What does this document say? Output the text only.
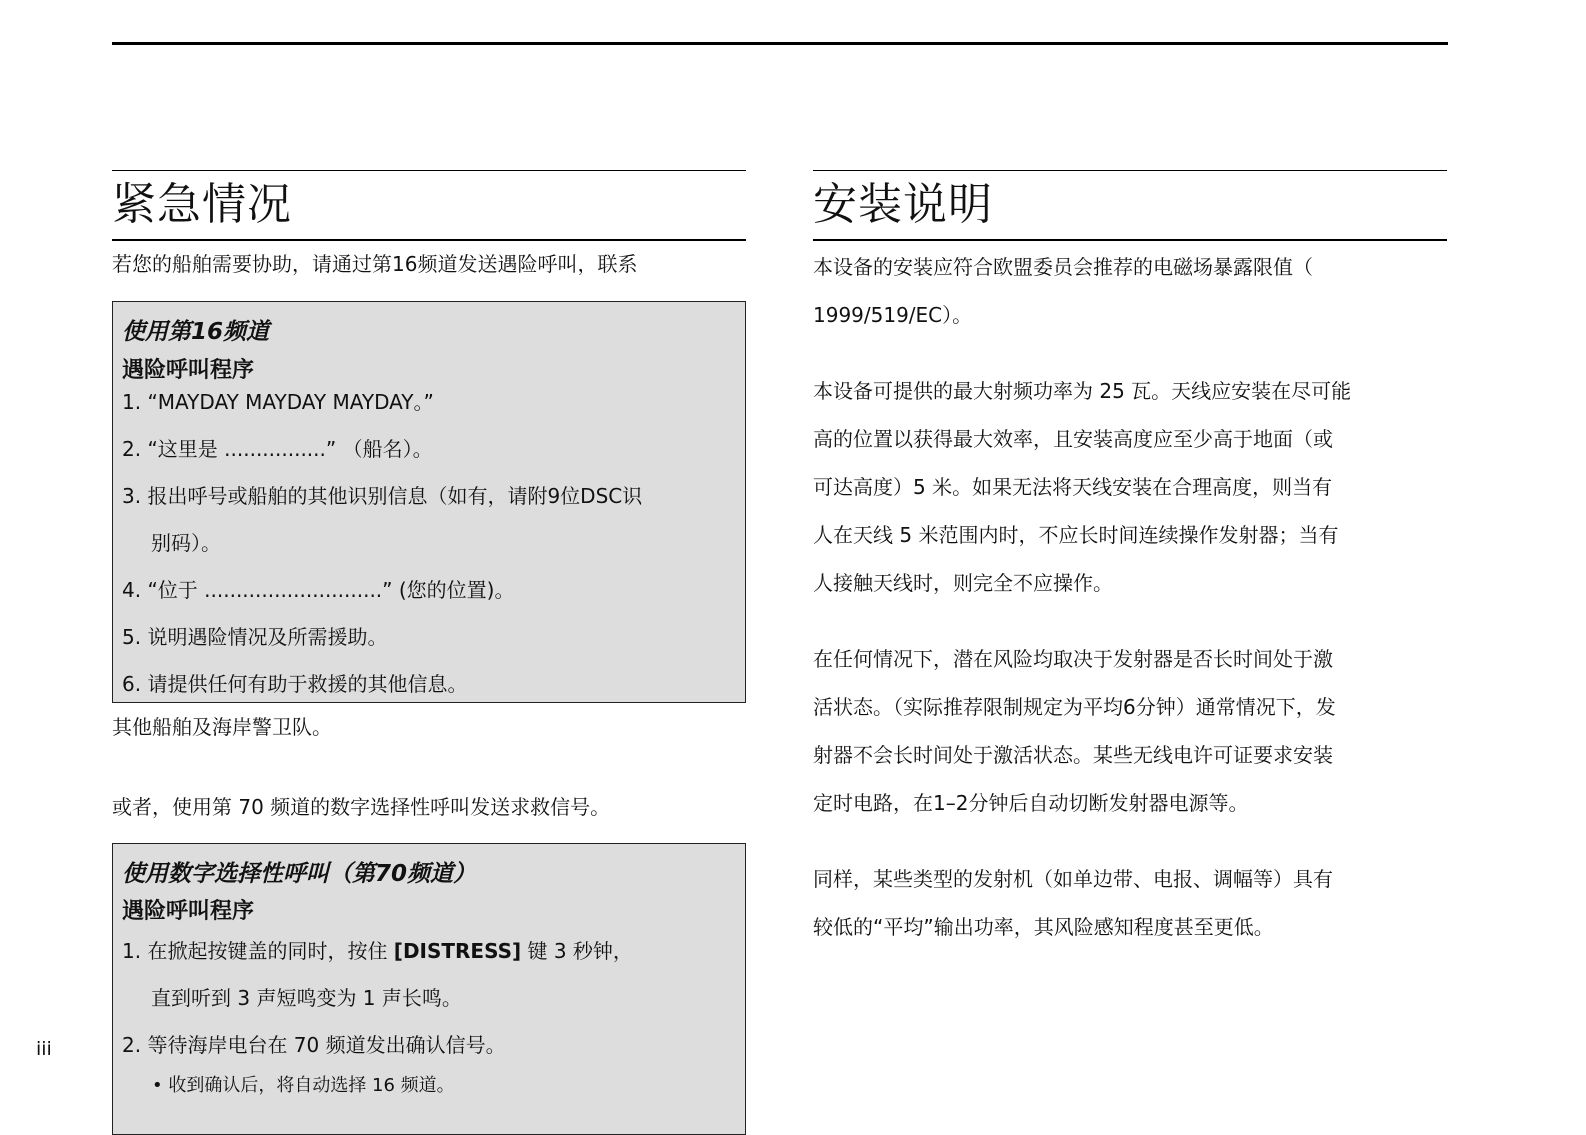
紧急情况

若您的船舶需要协助，请通过第16频道发送遇险呼叫，联系

使用第16频道

遇险呼叫程序

1. “MAYDAY MAYDAY MAYDAY。”

2. “这里是 ................” （船名）。

3. 报出呼号或船舶的其他识别信息（如有，请附9位DSC识

别码）。

4. “位于 ............................” (您的位置)。

5. 说明遇险情况及所需援助。

6. 请提供任何有助于救援的其他信息。

其他船舶及海岸警卫队。

或者，使用第 70 频道的数字选择性呼叫发送求救信号。

使用数字选择性呼叫（第70频道）

遇险呼叫程序

1. 在掀起按键盖的同时，按住 [DISTRESS] 键 3 秒钟，

直到听到 3 声短鸣变为 1 声长鸣。

2. 等待海岸电台在 70 频道发出确认信号。

• 收到确认后，将自动选择 16 频道。

iii
安装说明

本设备的安装应符合欧盟委员会推荐的电磁场暴露限值（

1999/519/EC）。

本设备可提供的最大射频功率为 25 瓦。天线应安装在尽可能

高的位置以获得最大效率，且安装高度应至少高于地面（或

可达高度）5 米。如果无法将天线安装在合理高度，则当有

人在天线 5 米范围内时，不应长时间连续操作发射器；当有

人接触天线时，则完全不应操作。

在任何情况下，潜在风险均取决于发射器是否长时间处于激

活状态。（实际推荐限制规定为平均6分钟）通常情况下，发

射器不会长时间处于激活状态。某些无线电许可证要求安装

定时电路，在1–2分钟后自动切断发射器电源等。

同样，某些类型的发射机（如单边带、电报、调幅等）具有

较低的“平均”输出功率，其风险感知程度甚至更低。
